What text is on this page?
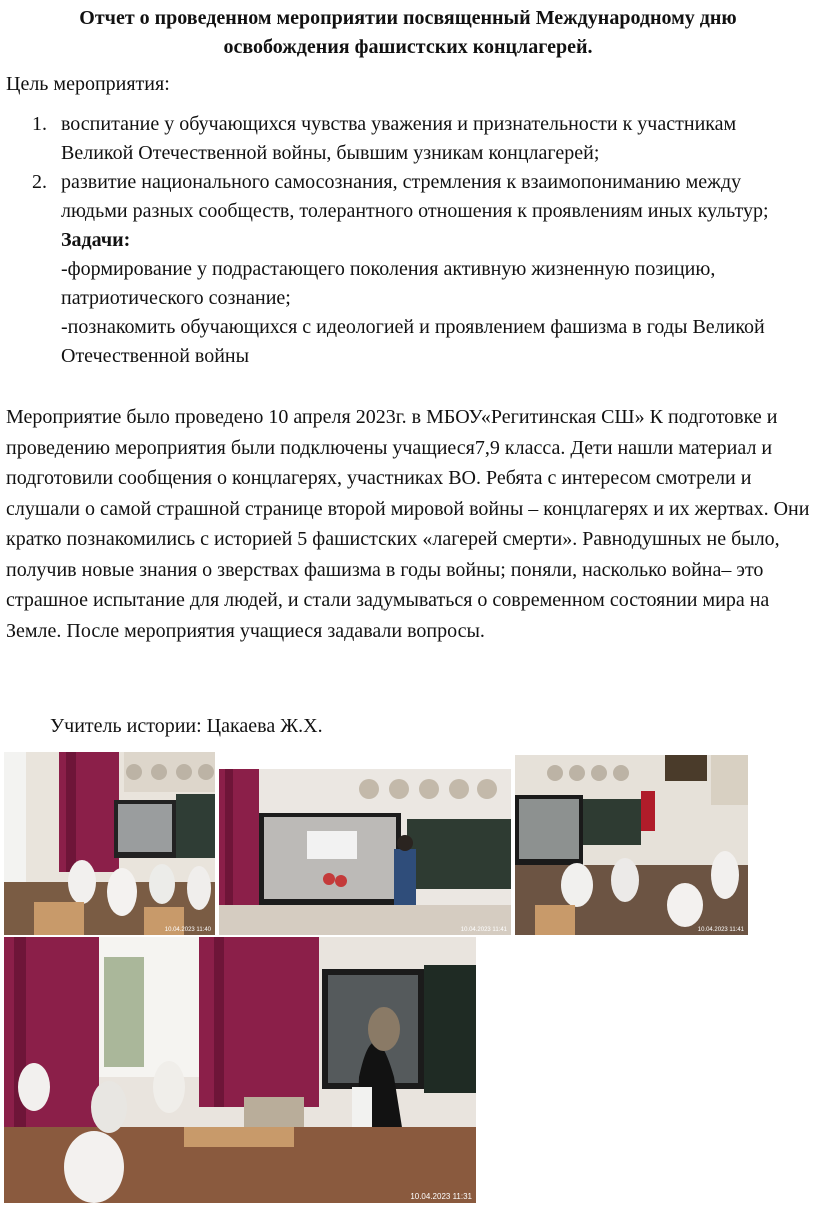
Отчет о проведенном мероприятии посвященный Международному дню
освобождения фашистских концлагерей.
Цель мероприятия:
1. воспитание у обучающихся чувства уважения и признательности к участникам Великой Отечественной войны, бывшим узникам концлагерей;
2. развитие национального самосознания, стремления к взаимопониманию между людьми разных сообществ, толерантного отношения к проявлениям иных культур;
Задачи:
-формирование у подрастающего поколения активную жизненную позицию, патриотического сознание;
-познакомить обучающихся с идеологией и проявлением фашизма в годы Великой Отечественной войны
Мероприятие было проведено 10 апреля 2023г. в МБОУ«Регитинская СШ» К подготовке и проведению мероприятия были подключены учащиеся7,9 класса. Дети нашли материал и подготовили сообщения о концлагерях, участниках ВО. Ребята с интересом смотрели и слушали о самой страшной странице второй мировой войны – концлагерях и их жертвах. Они кратко познакомились с историей 5 фашистских «лагерей смерти». Равнодушных не было, получив новые знания о зверствах фашизма в годы войны; поняли, насколько война– это страшное испытание для людей, и стали задумываться о современном состоянии мира на Земле. После мероприятия учащиеся задавали вопросы.
Учитель истории: Цакаева Ж.Х.
10.04.2023 11:40	10.04.2023 11:41	10.04.2023 11:41
10.04.2023 11:31
